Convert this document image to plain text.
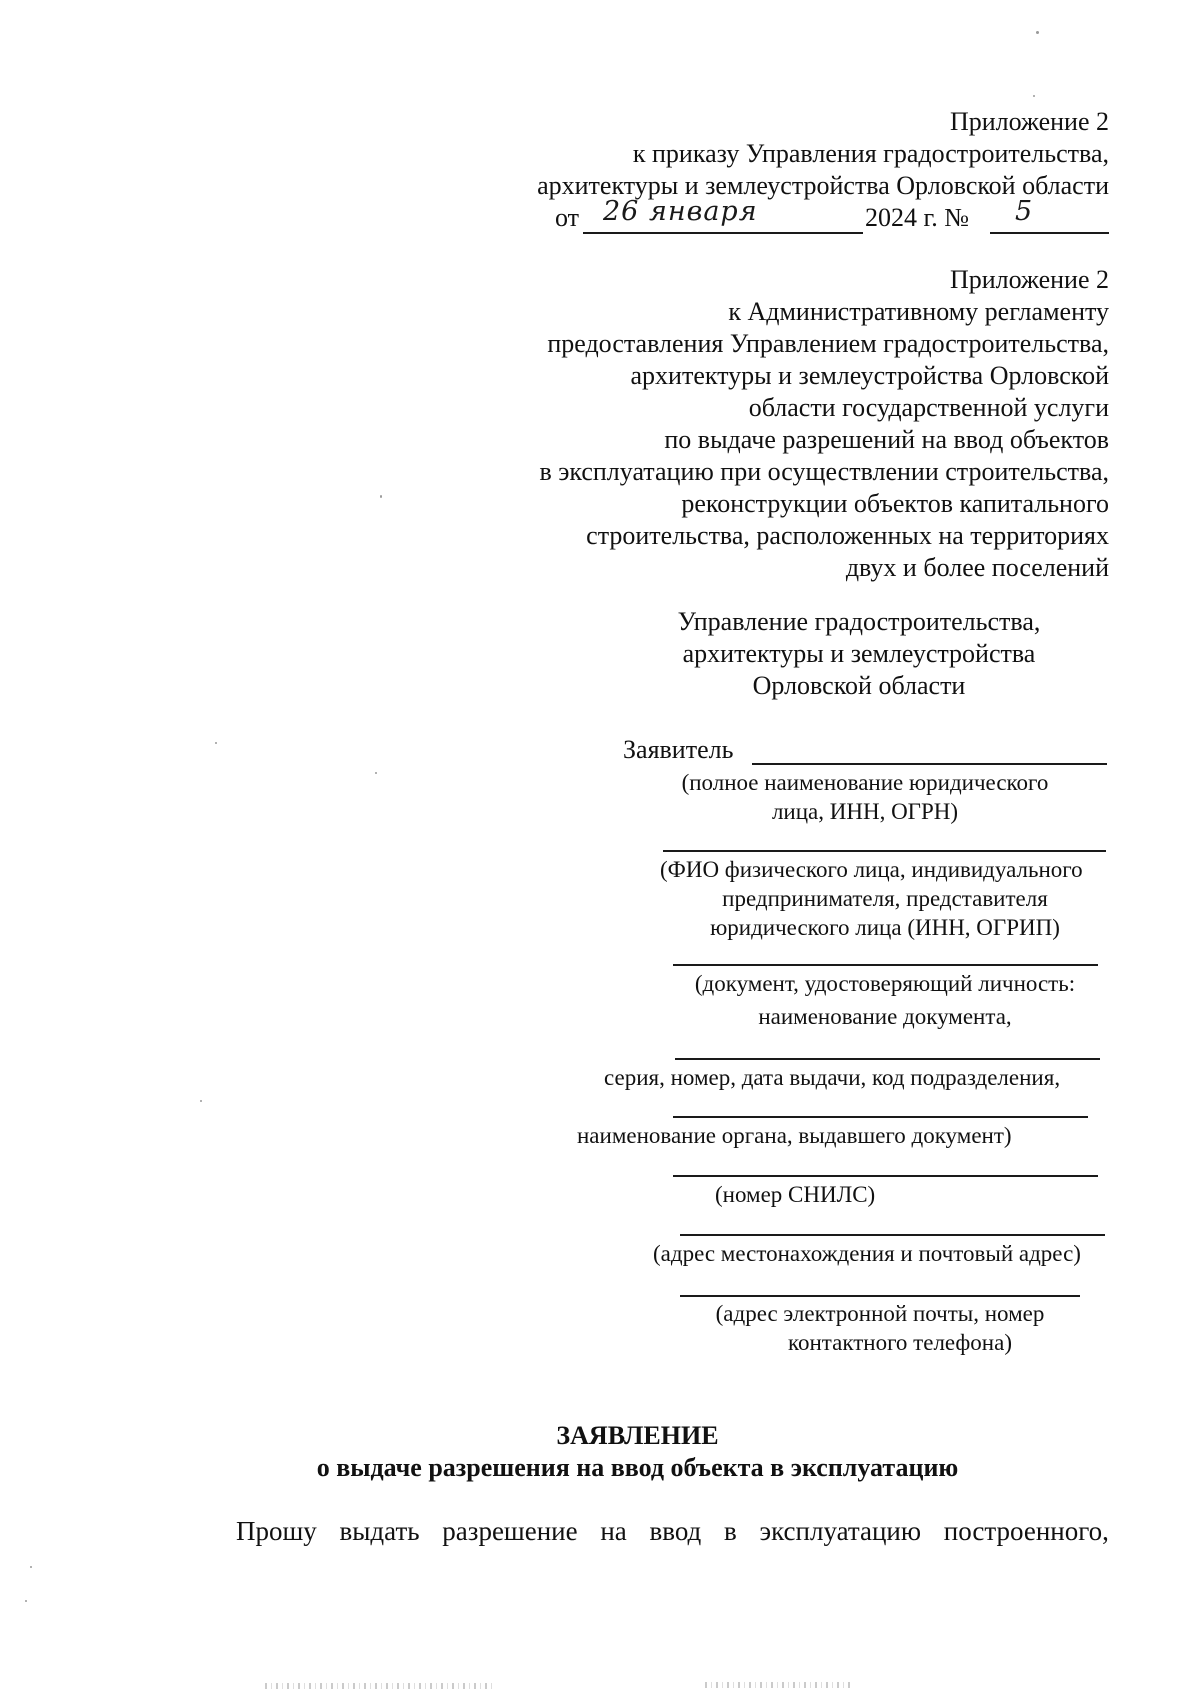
Приложение 2
к приказу Управления градостроительства,
архитектуры и землеустройства Орловской области
от 26 января	2024 г. № 5
Приложение 2
к Административному регламенту
предоставления Управлением градостроительства,
архитектуры и землеустройства Орловской
области государственной услуги
по выдаче разрешений на ввод объектов
в эксплуатацию при осуществлении строительства,
реконструкции объектов капитального
строительства, расположенных на территориях
двух и более поселений
Управление градостроительства,
архитектуры и землеустройства
Орловской области
Заявитель
(полное наименование юридического
лица, ИНН, ОГРН)
(ФИО физического лица, индивидуального
предпринимателя, представителя
юридического лица (ИНН, ОГРИП)
(документ, удостоверяющий личность:
наименование документа,
серия, номер, дата выдачи, код подразделения,
наименование органа, выдавшего документ)
(номер СНИЛС)
(адрес местонахождения и почтовый адрес)
(адрес электронной почты, номер
контактного телефона)
ЗАЯВЛЕНИЕ
о выдаче разрешения на ввод объекта в эксплуатацию
Прошу выдать разрешение на ввод в эксплуатацию построенного,
